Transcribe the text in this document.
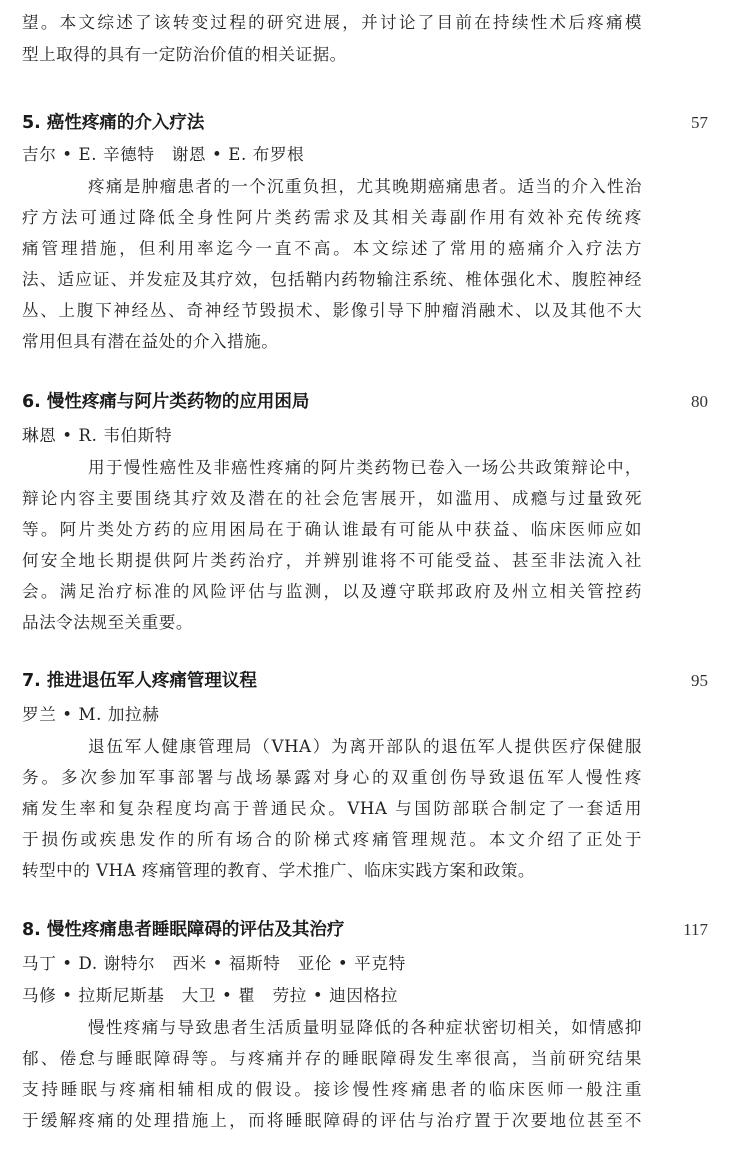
望。本文综述了该转变过程的研究进展，并讨论了目前在持续性术后疼痛模
型上取得的具有一定防治价值的相关证据。
5. 癌性疼痛的介入疗法	57
吉尔 • E. 辛德特　谢恩 • E. 布罗根
疼痛是肿瘤患者的一个沉重负担，尤其晚期癌痛患者。适当的介入性治
疗方法可通过降低全身性阿片类药需求及其相关毒副作用有效补充传统疼
痛管理措施，但利用率迄今一直不高。本文综述了常用的癌痛介入疗法方
法、适应证、并发症及其疗效，包括鞘内药物输注系统、椎体强化术、腹腔神经
丛、上腹下神经丛、奇神经节毁损术、影像引导下肿瘤消融术、以及其他不大
常用但具有潜在益处的介入措施。
6. 慢性疼痛与阿片类药物的应用困局	80
琳恩 • R. 韦伯斯特
用于慢性癌性及非癌性疼痛的阿片类药物已卷入一场公共政策辩论中，
辩论内容主要围绕其疗效及潜在的社会危害展开，如滥用、成瘾与过量致死
等。阿片类处方药的应用困局在于确认谁最有可能从中获益、临床医师应如
何安全地长期提供阿片类药治疗，并辨别谁将不可能受益、甚至非法流入社
会。满足治疗标准的风险评估与监测，以及遵守联邦政府及州立相关管控药
品法令法规至关重要。
7. 推进退伍军人疼痛管理议程	95
罗兰 • M. 加拉赫
退伍军人健康管理局（VHA）为离开部队的退伍军人提供医疗保健服
务。多次参加军事部署与战场暴露对身心的双重创伤导致退伍军人慢性疼
痛发生率和复杂程度均高于普通民众。VHA 与国防部联合制定了一套适用
于损伤或疾患发作的所有场合的阶梯式疼痛管理规范。本文介绍了正处于
转型中的 VHA 疼痛管理的教育、学术推广、临床实践方案和政策。
8. 慢性疼痛患者睡眠障碍的评估及其治疗	117
马丁 • D. 谢特尔　西米 • 福斯特　亚伦 • 平克特
马修 • 拉斯尼斯基　大卫 • 瞿　劳拉 • 迪因格拉
慢性疼痛与导致患者生活质量明显降低的各种症状密切相关，如情感抑
郁、倦怠与睡眠障碍等。与疼痛并存的睡眠障碍发生率很高，当前研究结果
支持睡眠与疼痛相辅相成的假设。接诊慢性疼痛患者的临床医师一般注重
于缓解疼痛的处理措施上，而将睡眠障碍的评估与治疗置于次要地位甚至不
